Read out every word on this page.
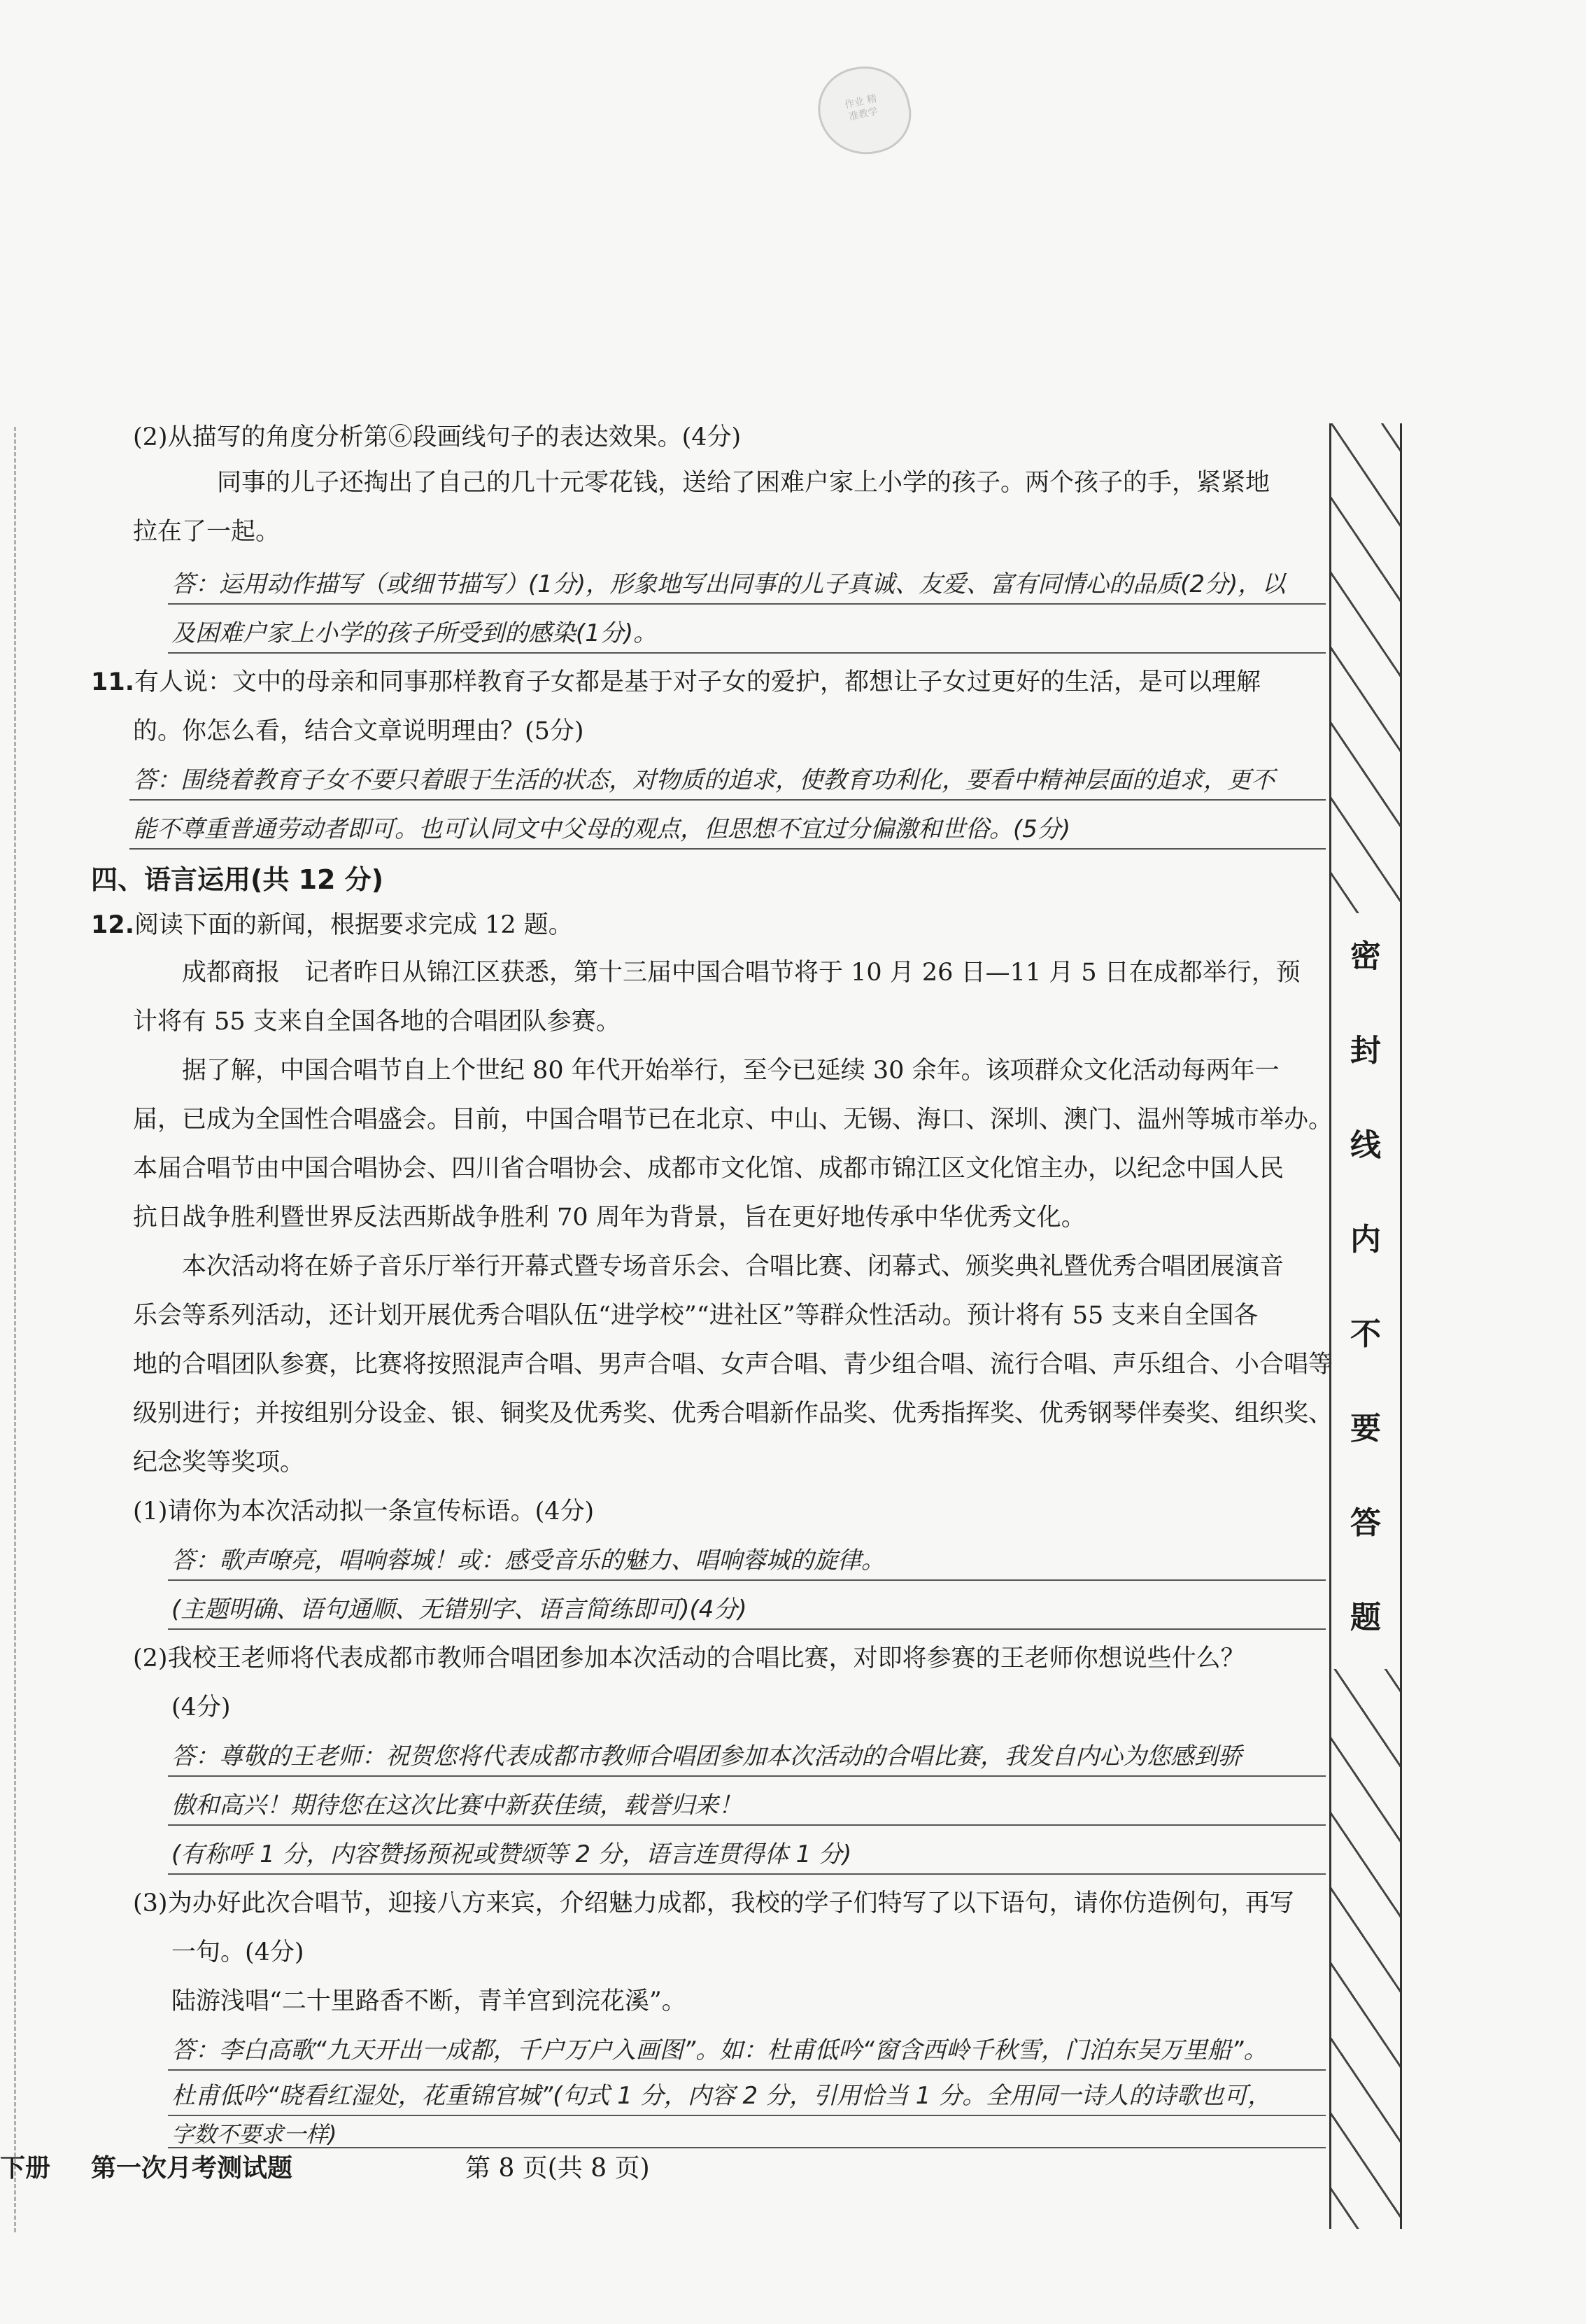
作业 精准教学
(2)从描写的角度分析第⑥段画线句子的表达效果。(4分)
同事的儿子还掏出了自己的几十元零花钱，送给了困难户家上小学的孩子。两个孩子的手，紧紧地
拉在了一起。
答：运用动作描写（或细节描写）(1分)，形象地写出同事的儿子真诚、友爱、富有同情心的品质(2分)，以
及困难户家上小学的孩子所受到的感染(1分)。
11.有人说：文中的母亲和同事那样教育子女都是基于对子女的爱护，都想让子女过更好的生活，是可以理解
的。你怎么看，结合文章说明理由？(5分)
答：围绕着教育子女不要只着眼于生活的状态，对物质的追求，使教育功利化，要看中精神层面的追求，更不
能不尊重普通劳动者即可。也可认同文中父母的观点，但思想不宜过分偏激和世俗。(5分)
四、语言运用(共 12 分)
12.阅读下面的新闻，根据要求完成 12 题。
成都商报　记者昨日从锦江区获悉，第十三届中国合唱节将于 10 月 26 日—11 月 5 日在成都举行，预
计将有 55 支来自全国各地的合唱团队参赛。
据了解，中国合唱节自上个世纪 80 年代开始举行，至今已延续 30 余年。该项群众文化活动每两年一
届，已成为全国性合唱盛会。目前，中国合唱节已在北京、中山、无锡、海口、深圳、澳门、温州等城市举办。
本届合唱节由中国合唱协会、四川省合唱协会、成都市文化馆、成都市锦江区文化馆主办，以纪念中国人民
抗日战争胜利暨世界反法西斯战争胜利 70 周年为背景，旨在更好地传承中华优秀文化。
本次活动将在娇子音乐厅举行开幕式暨专场音乐会、合唱比赛、闭幕式、颁奖典礼暨优秀合唱团展演音
乐会等系列活动，还计划开展优秀合唱队伍“进学校”“进社区”等群众性活动。预计将有 55 支来自全国各
地的合唱团队参赛，比赛将按照混声合唱、男声合唱、女声合唱、青少组合唱、流行合唱、声乐组合、小合唱等
级别进行；并按组别分设金、银、铜奖及优秀奖、优秀合唱新作品奖、优秀指挥奖、优秀钢琴伴奏奖、组织奖、
纪念奖等奖项。
(1)请你为本次活动拟一条宣传标语。(4分)
答：歌声嘹亮，唱响蓉城！或：感受音乐的魅力、唱响蓉城的旋律。
(主题明确、语句通顺、无错别字、语言简练即可)(4分)
(2)我校王老师将代表成都市教师合唱团参加本次活动的合唱比赛，对即将参赛的王老师你想说些什么？
(4分)
答：尊敬的王老师：祝贺您将代表成都市教师合唱团参加本次活动的合唱比赛，我发自内心为您感到骄
傲和高兴！期待您在这次比赛中新获佳绩，载誉归来！
(有称呼 1 分，内容赞扬预祝或赞颂等 2 分，语言连贯得体 1 分)
(3)为办好此次合唱节，迎接八方来宾，介绍魅力成都，我校的学子们特写了以下语句，请你仿造例句，再写
一句。(4分)
陆游浅唱“二十里路香不断，青羊宫到浣花溪”。
答：李白高歌“九天开出一成都，千户万户入画图”。如：杜甫低吟“窗含西岭千秋雪，门泊东吴万里船”。
杜甫低吟“晓看红湿处，花重锦官城”(句式 1 分，内容 2 分，引用恰当 1 分。全用同一诗人的诗歌也可，
字数不要求一样)
密
封
线
内
不
要
答
题
下册 第一次月考测试题	第 8 页(共 8 页)
